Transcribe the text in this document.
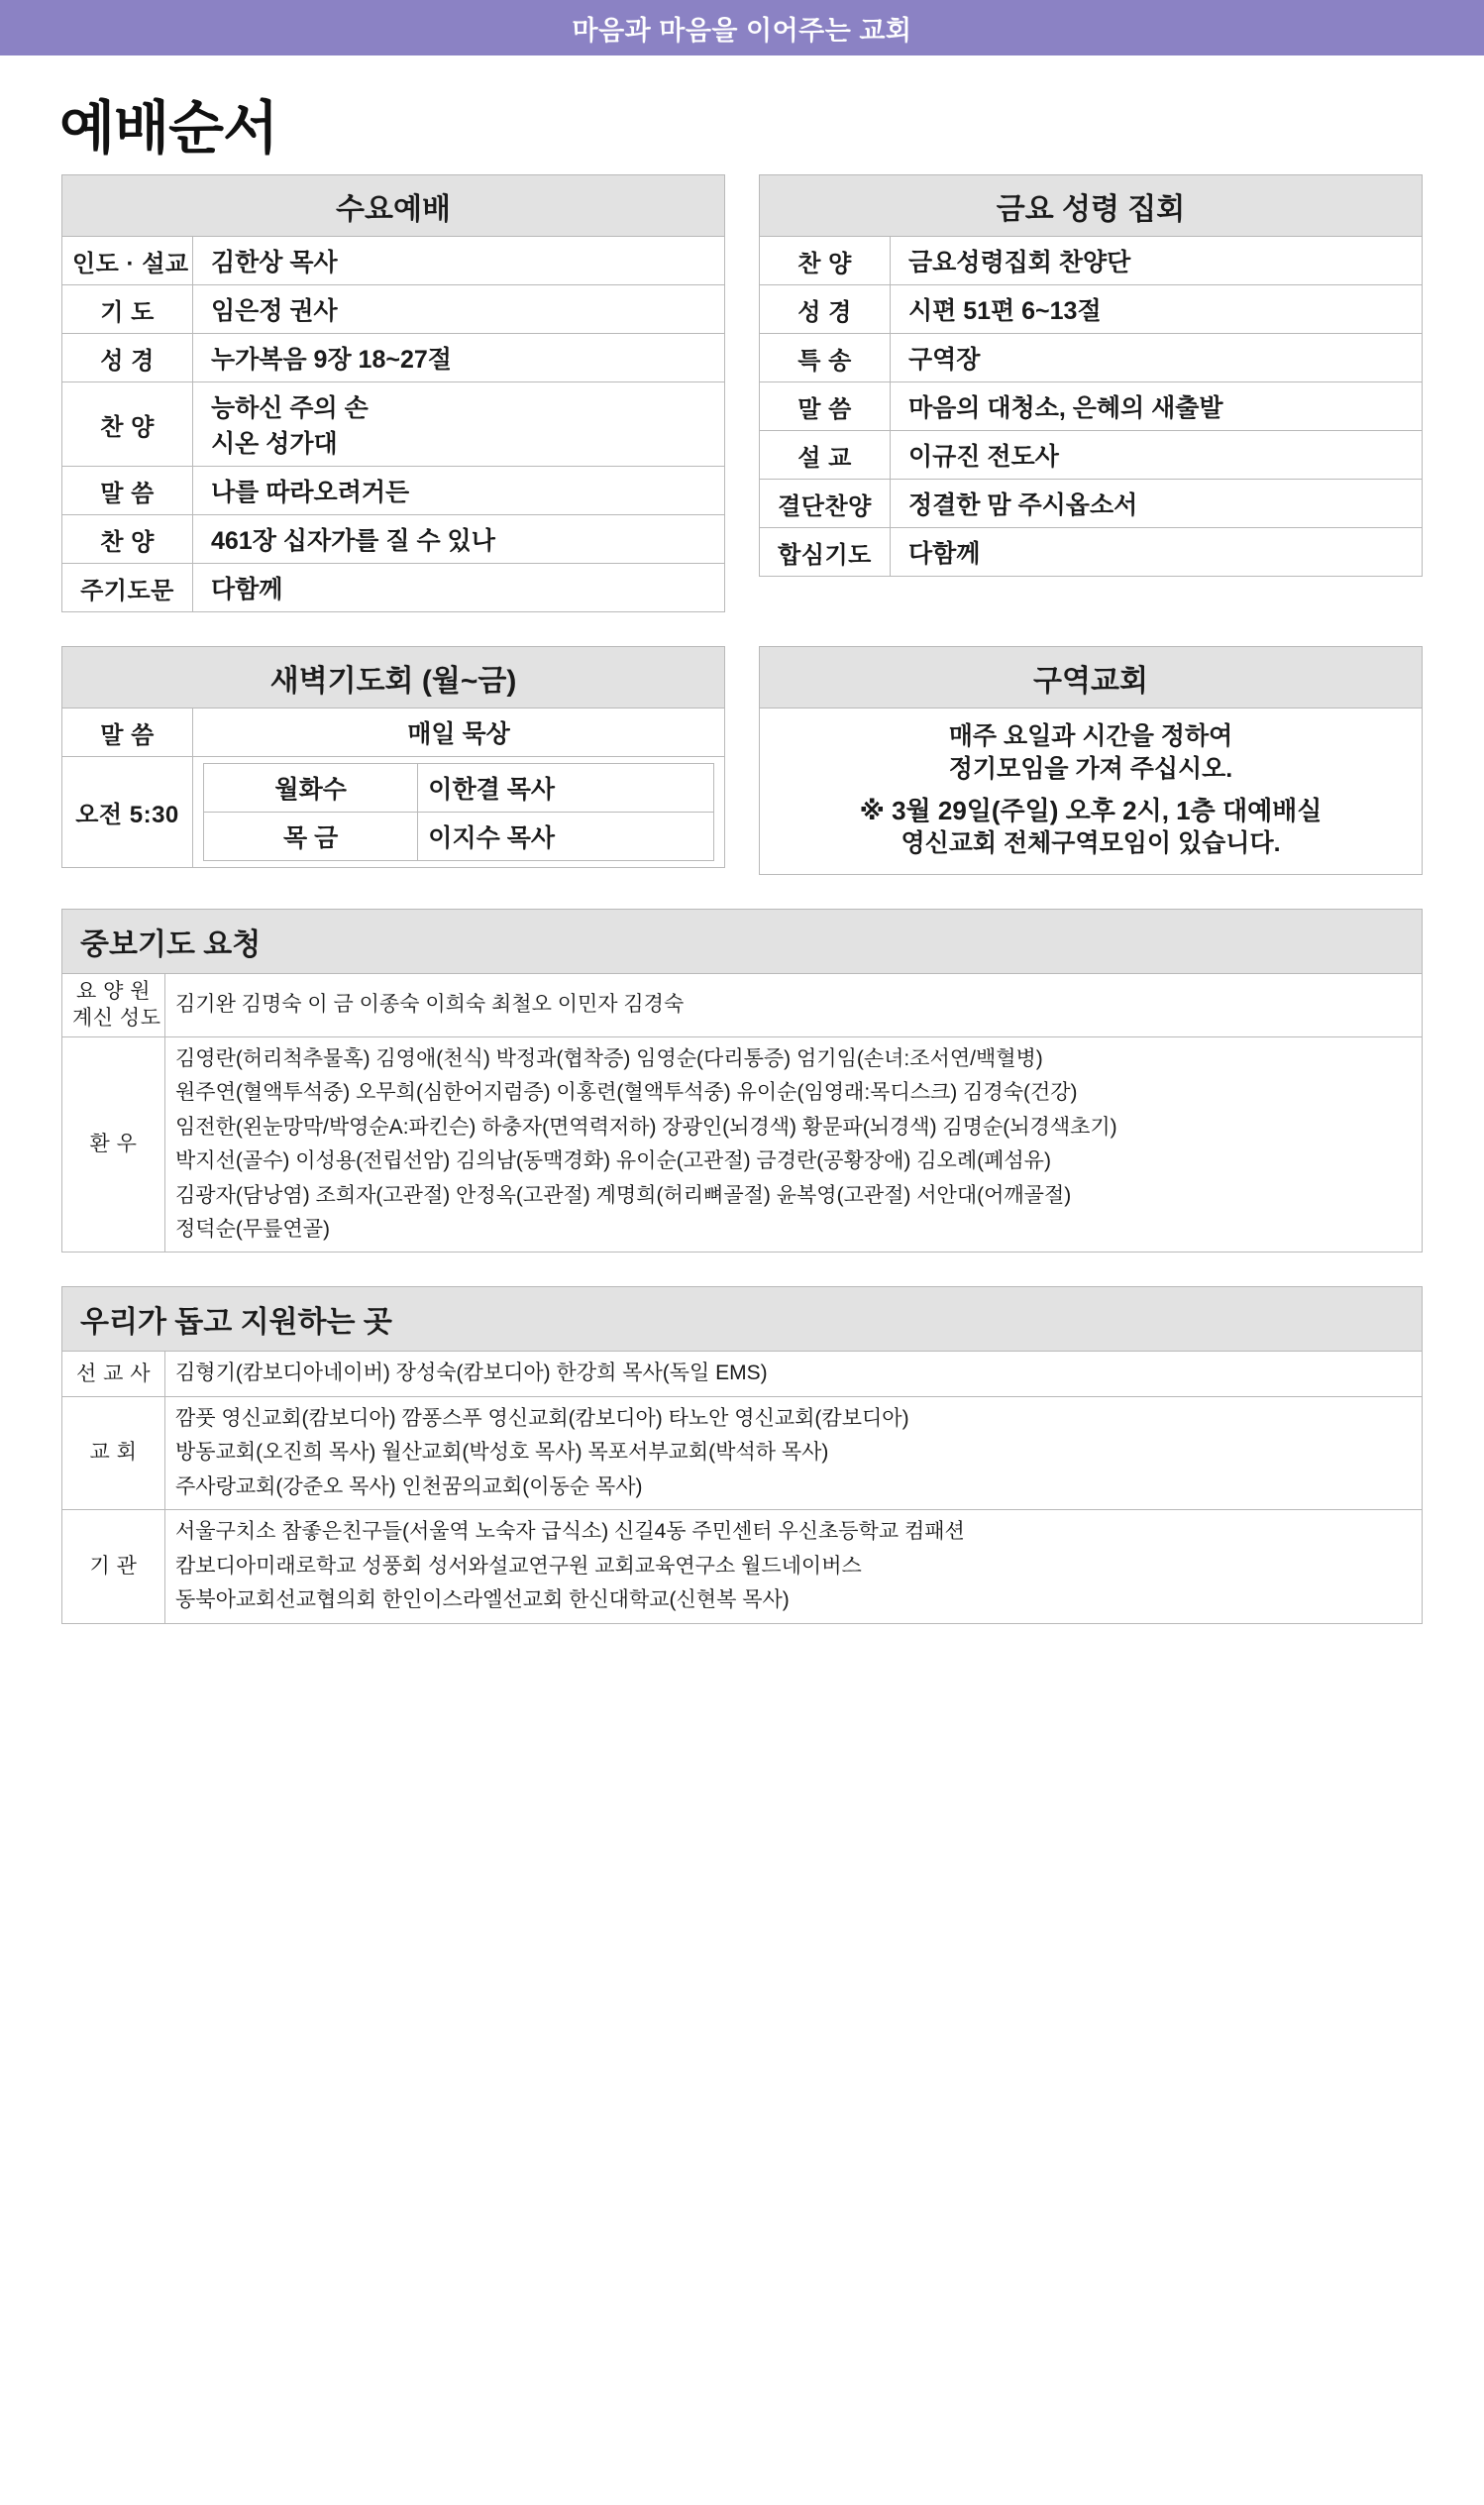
마음과 마음을 이어주는 교회
예배순서
수요예배	
인도 · 설교	김한상 목사
기 도	임은정 권사
성 경	누가복음 9장 18~27절
찬 양	능하신 주의 손
시온 성가대

말 씀	나를 따라오려거든
찬 양	461장 십자가를 질 수 있나
주기도문	다함께
금요 성령 집회	
찬 양	금요성령집회 찬양단
성 경	시편 51편 6~13절
특 송	구역장
말 씀	마음의 대청소, 은혜의 새출발
설 교	이규진 전도사
결단찬양	정결한 맘 주시옵소서
합심기도	다함께
새벽기도회 (월~금)
말 씀	매일 묵상
오전 5:30	
월화수	이한결 목사
목 금	이지수 목사
구역교회

매주 요일과 시간을 정하여
정기모임을 가져 주십시오.
※ 3월 29일(주일) 오후 2시, 1층 대예배실
영신교회 전체구역모임이 있습니다.
중보기도 요청
요 양 원
계신 성도	김기완 김명숙 이 금 이종숙 이희숙 최철오 이민자 김경숙
환 우	
김영란(허리척추물혹) 김영애(천식) 박정과(협착증) 임영순(다리통증) 엄기임(손녀:조서연/백혈병)
원주연(혈액투석중) 오무희(심한어지럼증) 이홍련(혈액투석중) 유이순(임영래:목디스크) 김경숙(건강)
임전한(왼눈망막/박영순A:파킨슨) 하충자(면역력저하) 장광인(뇌경색) 황문파(뇌경색) 김명순(뇌경색초기)
박지선(골수) 이성용(전립선암) 김의남(동맥경화) 유이순(고관절) 금경란(공황장애) 김오례(폐섬유)
김광자(담낭염) 조희자(고관절) 안정옥(고관절) 계명희(허리뼈골절) 윤복영(고관절) 서안대(어깨골절)
정덕순(무릎연골)
우리가 돕고 지원하는 곳
선 교 사	김형기(캄보디아네이버) 장성숙(캄보디아) 한강희 목사(독일 EMS)

교 회	깜풋 영신교회(캄보디아) 깜퐁스푸 영신교회(캄보디아) 타노안 영신교회(캄보디아)
방동교회(오진희 목사) 월산교회(박성호 목사) 목포서부교회(박석하 목사)
주사랑교회(강준오 목사) 인천꿈의교회(이동순 목사)

기 관	서울구치소 참좋은친구들(서울역 노숙자 급식소) 신길4동 주민센터 우신초등학교 컴패션
캄보디아미래로학교 성풍회 성서와설교연구원 교회교육연구소 월드네이버스
동북아교회선교협의회 한인이스라엘선교회 한신대학교(신현복 목사)
